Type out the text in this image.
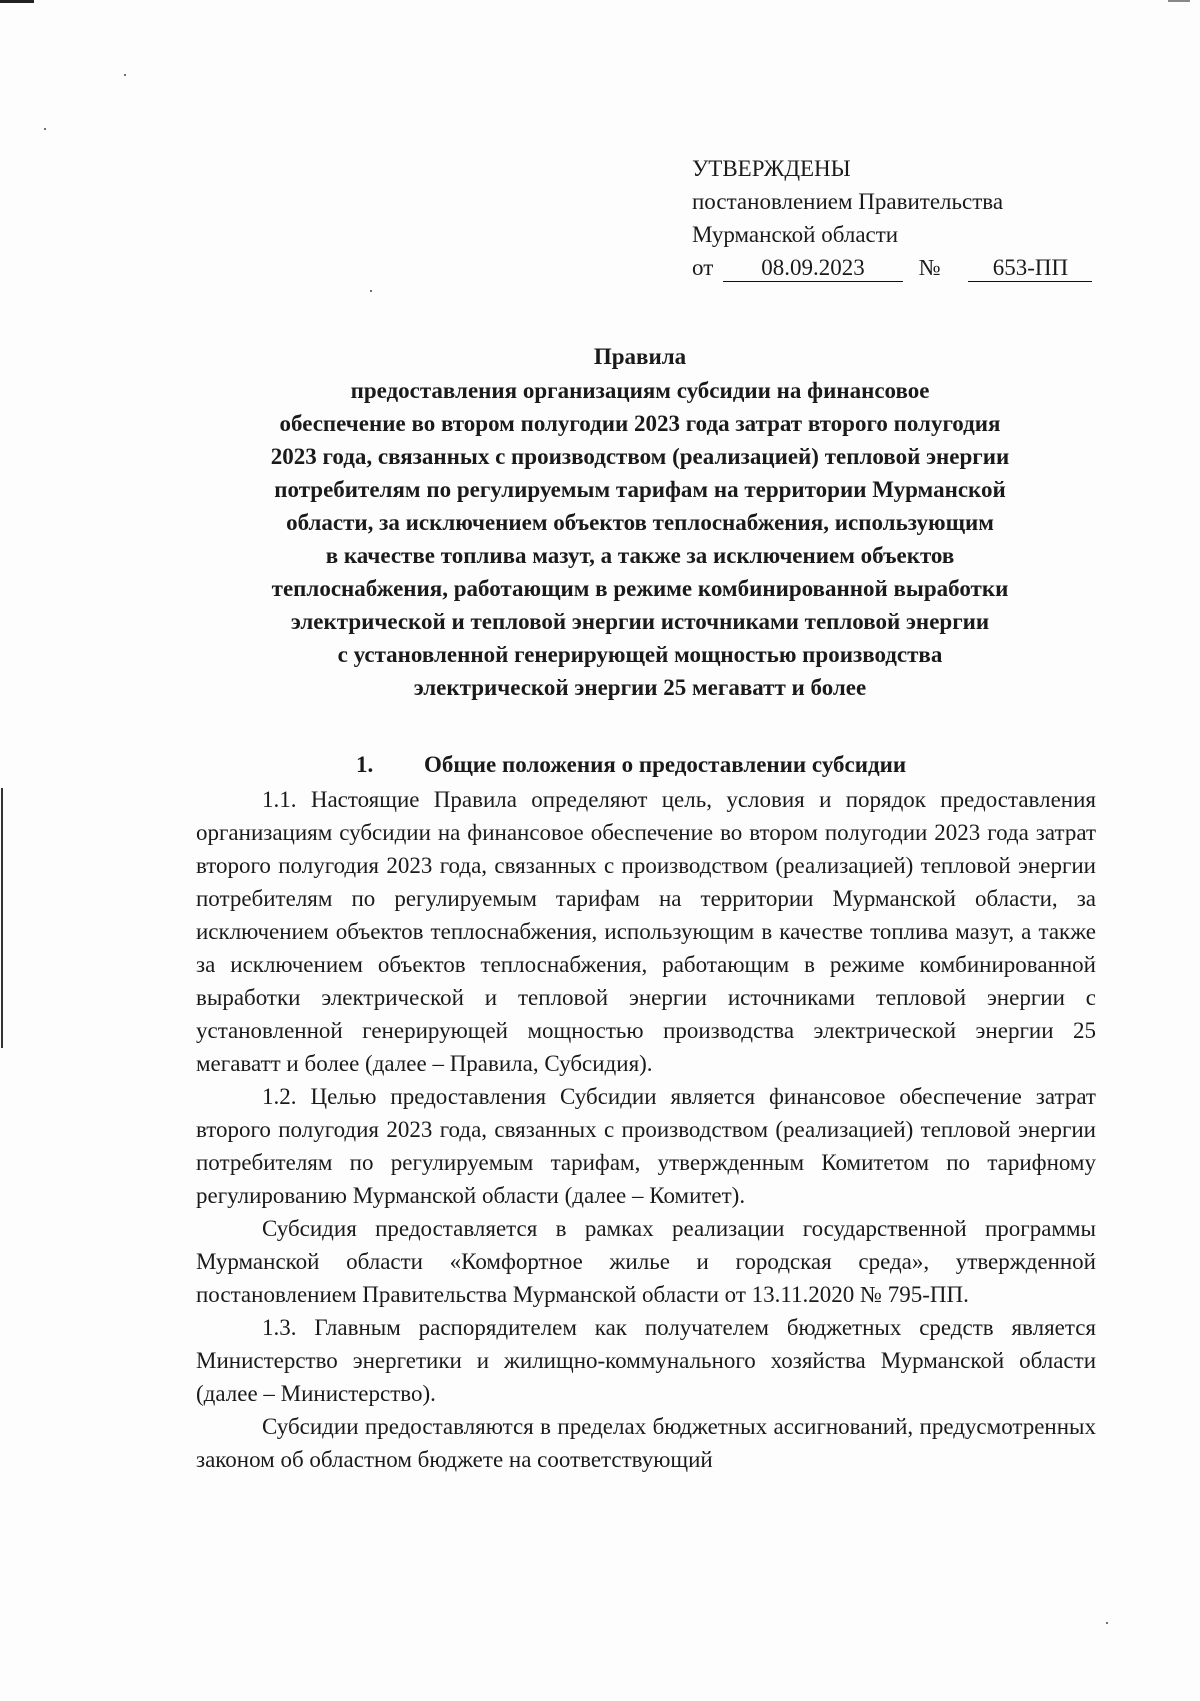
УТВЕРЖДЕНЫ
постановлением Правительства
Мурманской области
от 08.09.2023 № 653-ПП
Правила
предоставления организациям субсидии на финансовое
обеспечение во втором полугодии 2023 года затрат второго полугодия
2023 года, связанных с производством (реализацией) тепловой энергии
потребителям по регулируемым тарифам на территории Мурманской
области, за исключением объектов теплоснабжения, использующим
в качестве топлива мазут, а также за исключением объектов
теплоснабжения, работающим в режиме комбинированной выработки
электрической и тепловой энергии источниками тепловой энергии
с установленной генерирующей мощностью производства
электрической энергии 25 мегаватт и более
1. Общие положения о предоставлении субсидии

1.1. Настоящие Правила определяют цель, условия и порядок предоставления организациям субсидии на финансовое обеспечение во втором полугодии 2023 года затрат второго полугодия 2023 года, связанных с производством (реализацией) тепловой энергии потребителям по регулируемым тарифам на территории Мурманской области, за исключением объектов теплоснабжения, использующим в качестве топлива мазут, а также за исключением объектов теплоснабжения, работающим в режиме комбинированной выработки электрической и тепловой энергии источниками тепловой энергии с установленной генерирующей мощностью производства электрической энергии 25 мегаватт и более (далее – Правила, Субсидия).

1.2. Целью предоставления Субсидии является финансовое обеспечение затрат второго полугодия 2023 года, связанных с производством (реализацией) тепловой энергии потребителям по регулируемым тарифам, утвержденным Комитетом по тарифному регулированию Мурманской области (далее – Комитет).

Субсидия предоставляется в рамках реализации государственной программы Мурманской области «Комфортное жилье и городская среда», утвержденной постановлением Правительства Мурманской области от 13.11.2020 № 795-ПП.

1.3. Главным распорядителем как получателем бюджетных средств является Министерство энергетики и жилищно-коммунального хозяйства Мурманской области (далее – Министерство).

Субсидии предоставляются в пределах бюджетных ассигнований, предусмотренных законом об областном бюджете на соответствующий
